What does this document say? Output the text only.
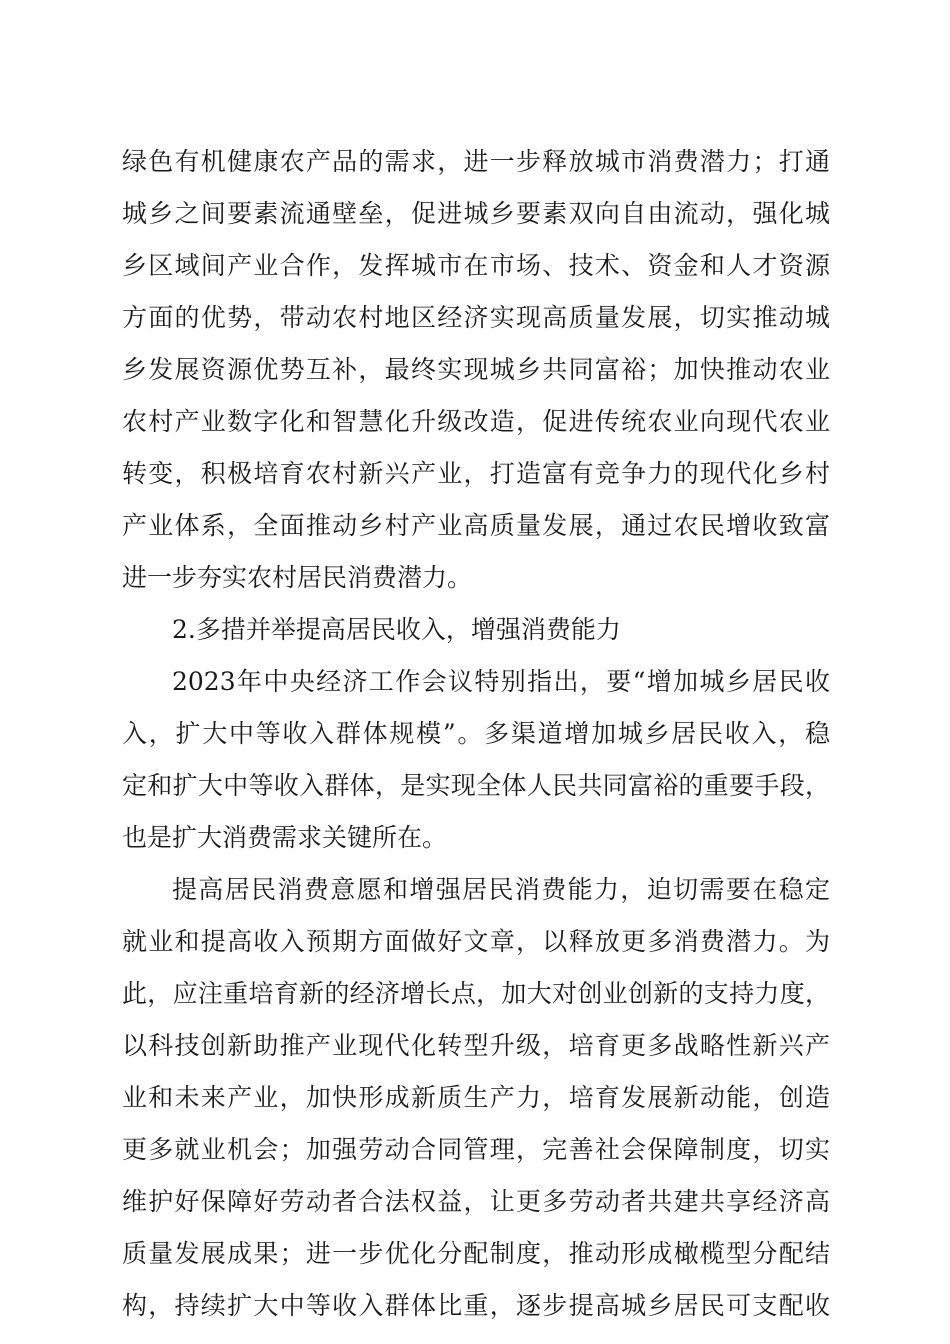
绿色有机健康农产品的需求，进一步释放城市消费潜力；打通
城乡之间要素流通壁垒，促进城乡要素双向自由流动，强化城
乡区域间产业合作，发挥城市在市场、技术、资金和人才资源
方面的优势，带动农村地区经济实现高质量发展，切实推动城
乡发展资源优势互补，最终实现城乡共同富裕；加快推动农业
农村产业数字化和智慧化升级改造，促进传统农业向现代农业
转变，积极培育农村新兴产业，打造富有竞争力的现代化乡村
产业体系，全面推动乡村产业高质量发展，通过农民增收致富
进一步夯实农村居民消费潜力。
2.多措并举提高居民收入，增强消费能力
2023年中央经济工作会议特别指出，要“增加城乡居民收
入，扩大中等收入群体规模”。多渠道增加城乡居民收入，稳
定和扩大中等收入群体，是实现全体人民共同富裕的重要手段，
也是扩大消费需求关键所在。
提高居民消费意愿和增强居民消费能力，迫切需要在稳定
就业和提高收入预期方面做好文章，以释放更多消费潜力。为
此，应注重培育新的经济增长点，加大对创业创新的支持力度，
以科技创新助推产业现代化转型升级，培育更多战略性新兴产
业和未来产业，加快形成新质生产力，培育发展新动能，创造
更多就业机会；加强劳动合同管理，完善社会保障制度，切实
维护好保障好劳动者合法权益，让更多劳动者共建共享经济高
质量发展成果；进一步优化分配制度，推动形成橄榄型分配结
构，持续扩大中等收入群体比重，逐步提高城乡居民可支配收
